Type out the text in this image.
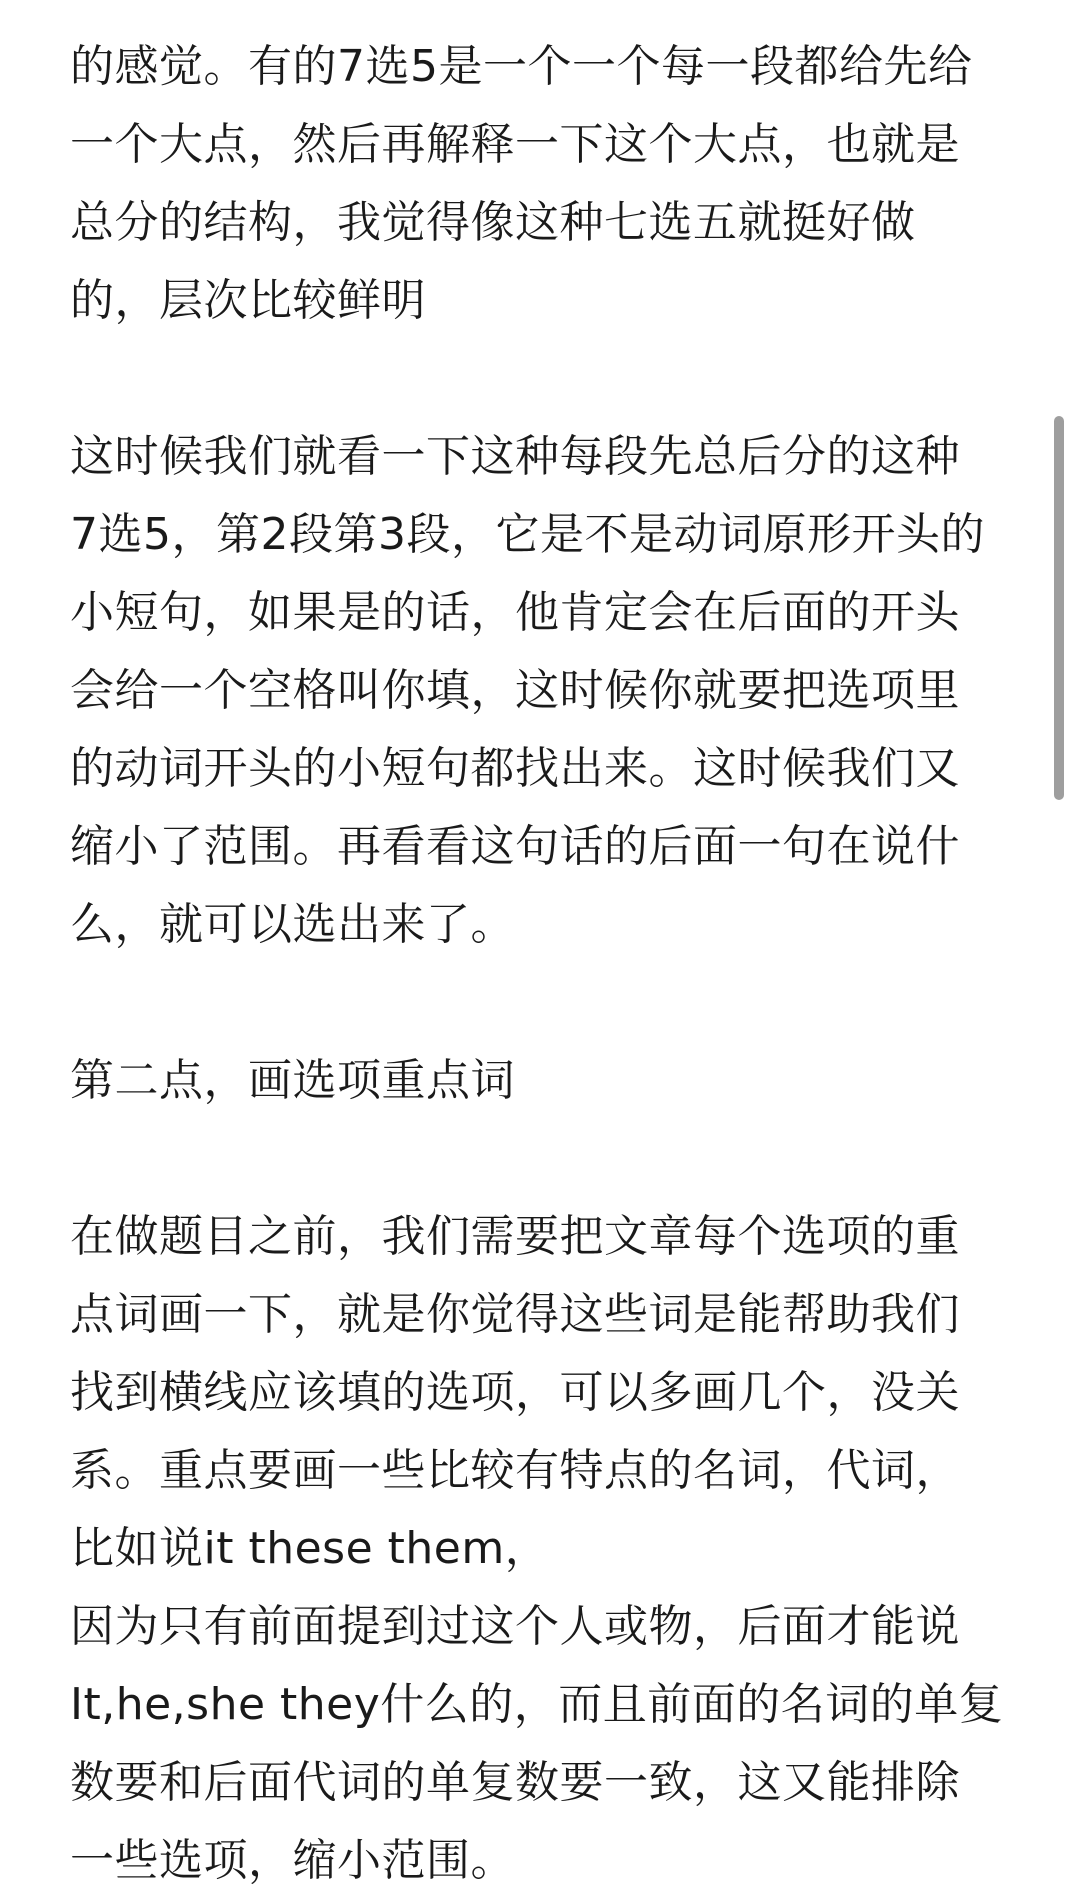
的感觉。有的7选5是一个一个每一段都给先给
一个大点，然后再解释一下这个大点，也就是
总分的结构，我觉得像这种七选五就挺好做
的，层次比较鲜明
这时候我们就看一下这种每段先总后分的这种
7选5，第2段第3段，它是不是动词原形开头的
小短句，如果是的话，他肯定会在后面的开头
会给一个空格叫你填，这时候你就要把选项里
的动词开头的小短句都找出来。这时候我们又
缩小了范围。再看看这句话的后面一句在说什
么，就可以选出来了。
第二点，画选项重点词
在做题目之前，我们需要把文章每个选项的重
点词画一下，就是你觉得这些词是能帮助我们
找到横线应该填的选项，可以多画几个，没关
系。重点要画一些比较有特点的名词，代词，
比如说it these them，
因为只有前面提到过这个人或物，后面才能说
It,he,she they什么的，而且前面的名词的单复
数要和后面代词的单复数要一致，这又能排除
一些选项，缩小范围。
